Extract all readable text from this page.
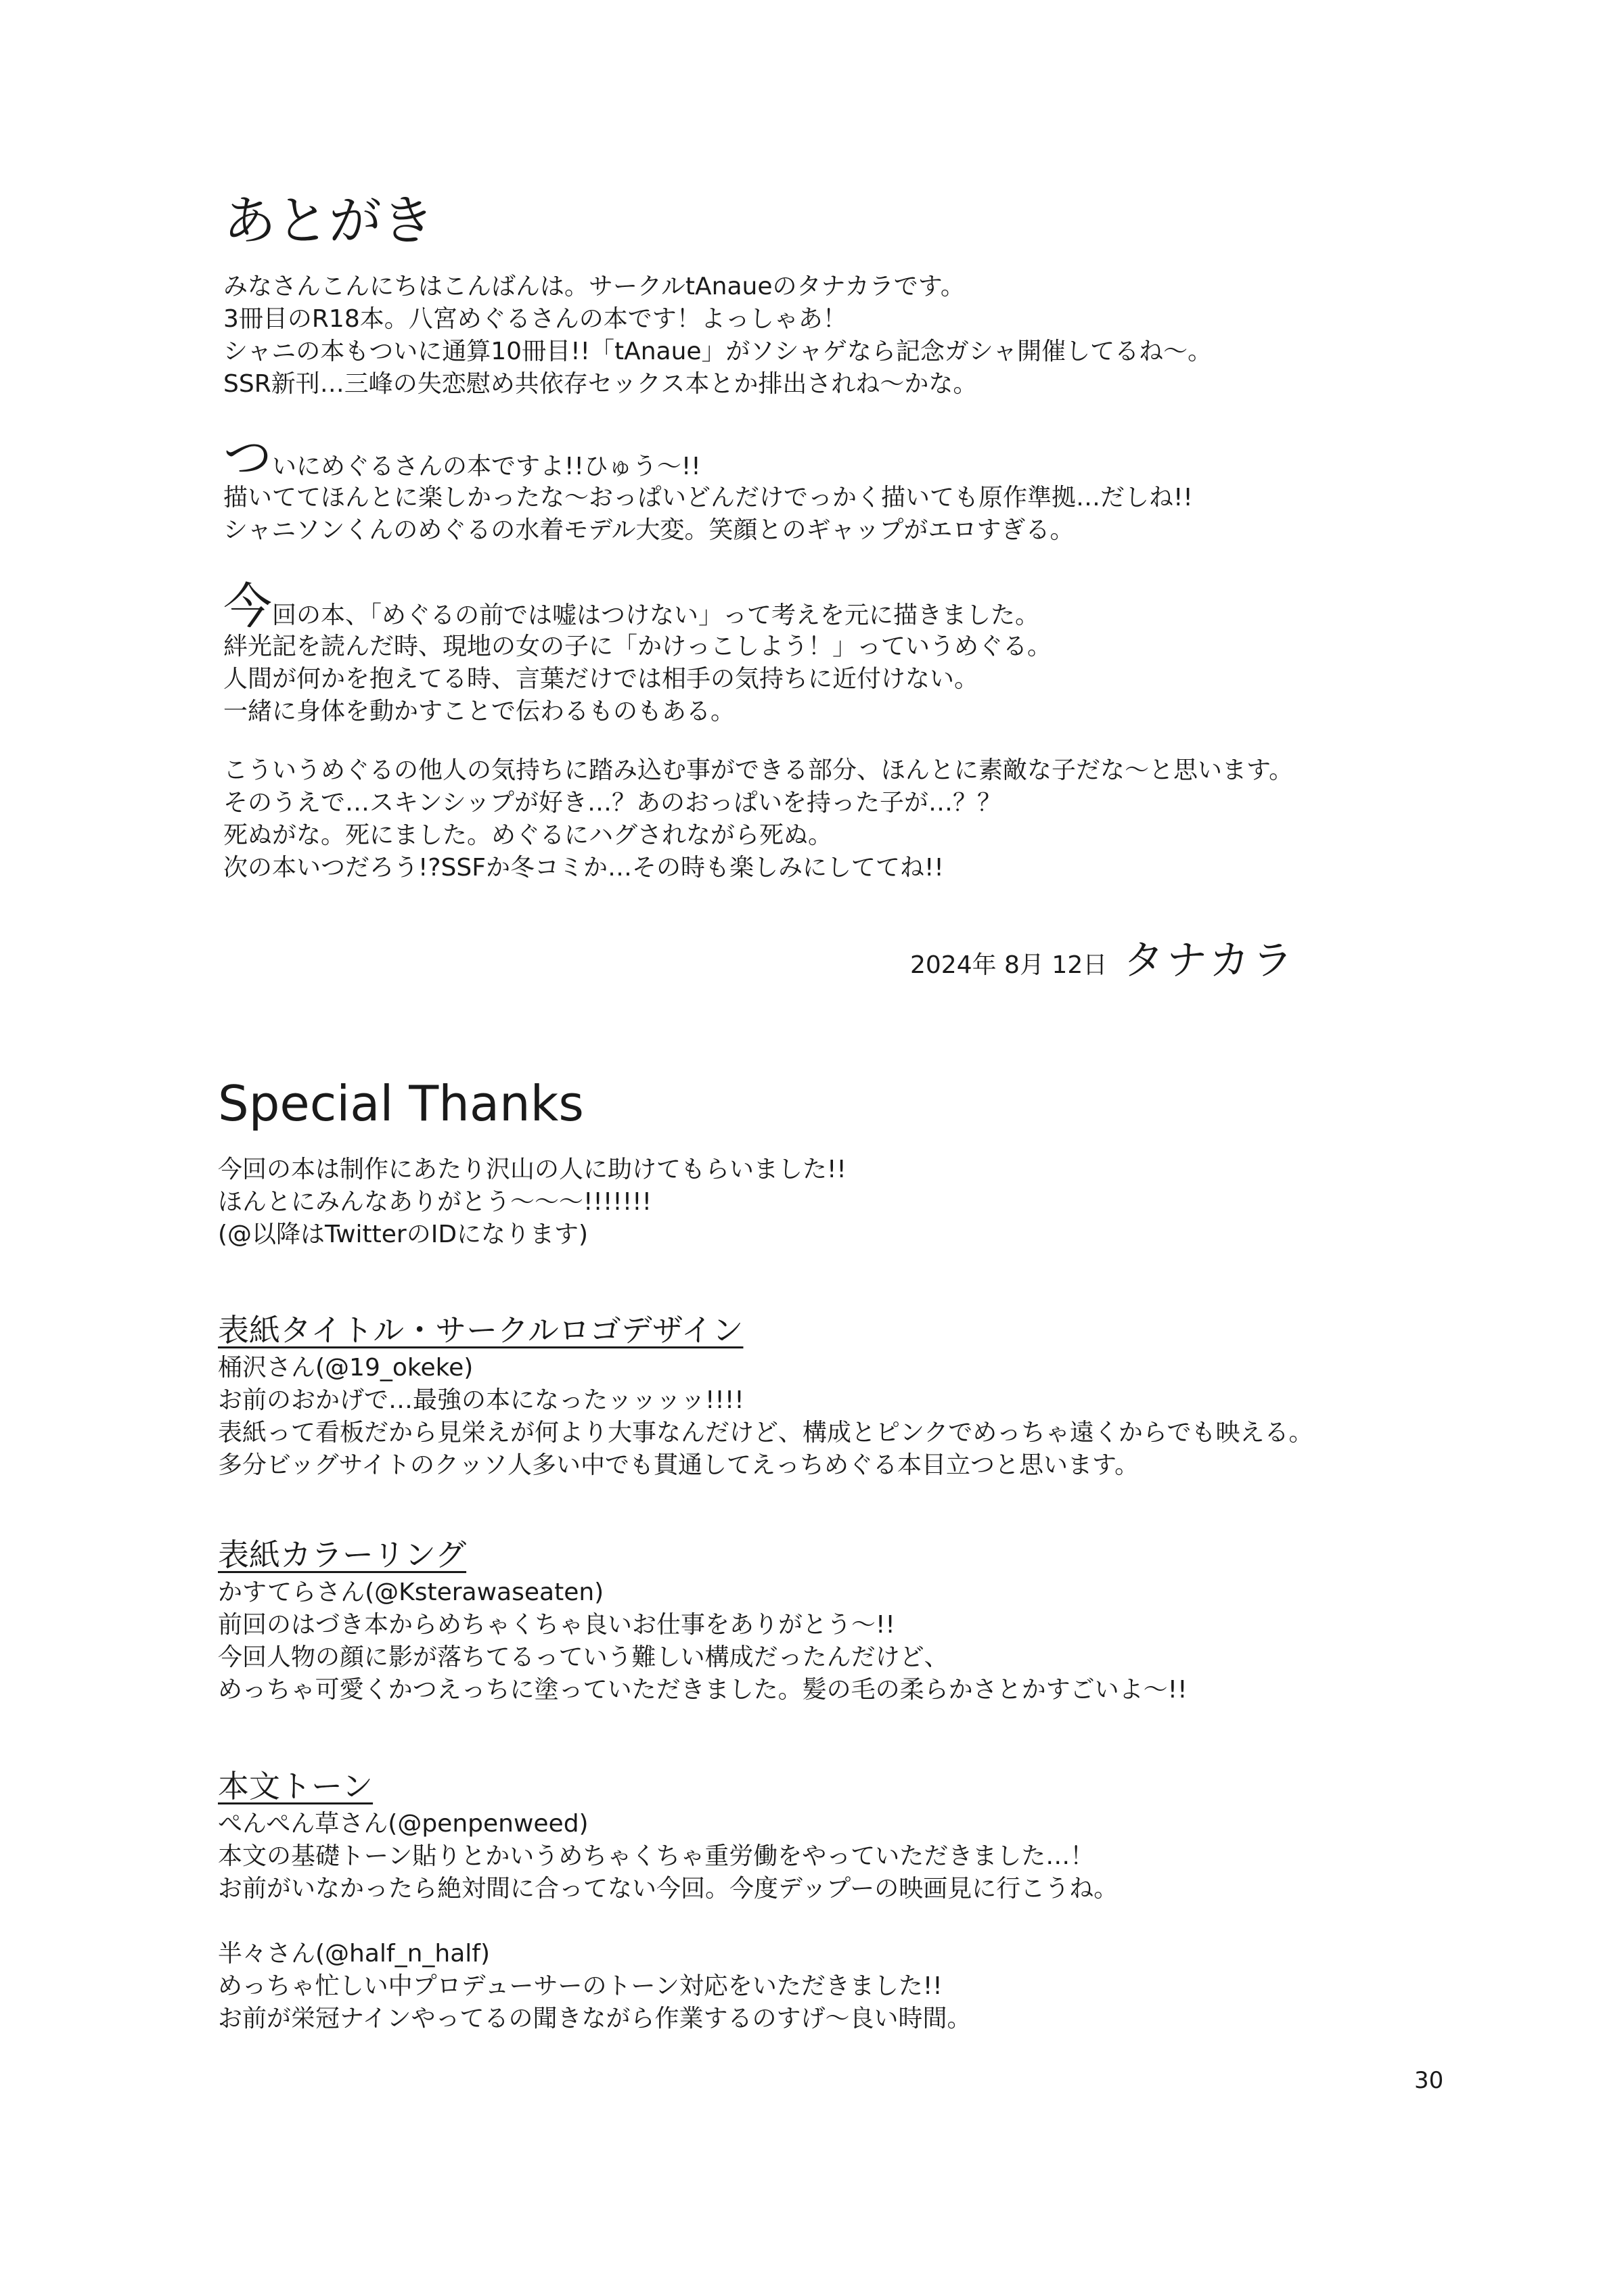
あとがき
みなさんこんにちはこんばんは。サークルtAnaueのタナカラです。
3冊目のR18本。八宮めぐるさんの本です！よっしゃあ！
シャニの本もついに通算10冊目!!「tAnaue」がソシャゲなら記念ガシャ開催してるね～。
SSR新刊…三峰の失恋慰め共依存セックス本とか排出されね～かな。
ついにめぐるさんの本ですよ!!ひゅう～!!
描いててほんとに楽しかったな～おっぱいどんだけでっかく描いても原作準拠…だしね!!
シャニソンくんのめぐるの水着モデル大変。笑顔とのギャップがエロすぎる。
今回の本、「めぐるの前では嘘はつけない」って考えを元に描きました。
絆光記を読んだ時、現地の女の子に「かけっこしよう！」っていうめぐる。
人間が何かを抱えてる時、言葉だけでは相手の気持ちに近付けない。
一緒に身体を動かすことで伝わるものもある。
こういうめぐるの他人の気持ちに踏み込む事ができる部分、ほんとに素敵な子だな～と思います。
そのうえで…スキンシップが好き…？あのおっぱいを持った子が…？？
死ぬがな。死にました。めぐるにハグされながら死ぬ。
次の本いつだろう!?SSFか冬コミか…その時も楽しみにしててね!!
2024年 8月 12日 タナカラ
Special Thanks
今回の本は制作にあたり沢山の人に助けてもらいました!!
ほんとにみんなありがとう～～～!!!!!!!
(@以降はTwitterのIDになります)
表紙タイトル・サークルロゴデザイン
桶沢さん(@19_okeke)
お前のおかげで…最強の本になったッッッッ!!!!
表紙って看板だから見栄えが何より大事なんだけど、構成とピンクでめっちゃ遠くからでも映える。
多分ビッグサイトのクッソ人多い中でも貫通してえっちめぐる本目立つと思います。
表紙カラーリング
かすてらさん(@Ksterawaseaten)
前回のはづき本からめちゃくちゃ良いお仕事をありがとう～!!
今回人物の顔に影が落ちてるっていう難しい構成だったんだけど、
めっちゃ可愛くかつえっちに塗っていただきました。髪の毛の柔らかさとかすごいよ～!!
本文トーン
ぺんぺん草さん(@penpenweed)
本文の基礎トーン貼りとかいうめちゃくちゃ重労働をやっていただきました…！
お前がいなかったら絶対間に合ってない今回。今度デップーの映画見に行こうね。
半々さん(@half_n_half)
めっちゃ忙しい中プロデューサーのトーン対応をいただきました!!
お前が栄冠ナインやってるの聞きながら作業するのすげ～良い時間。
30
